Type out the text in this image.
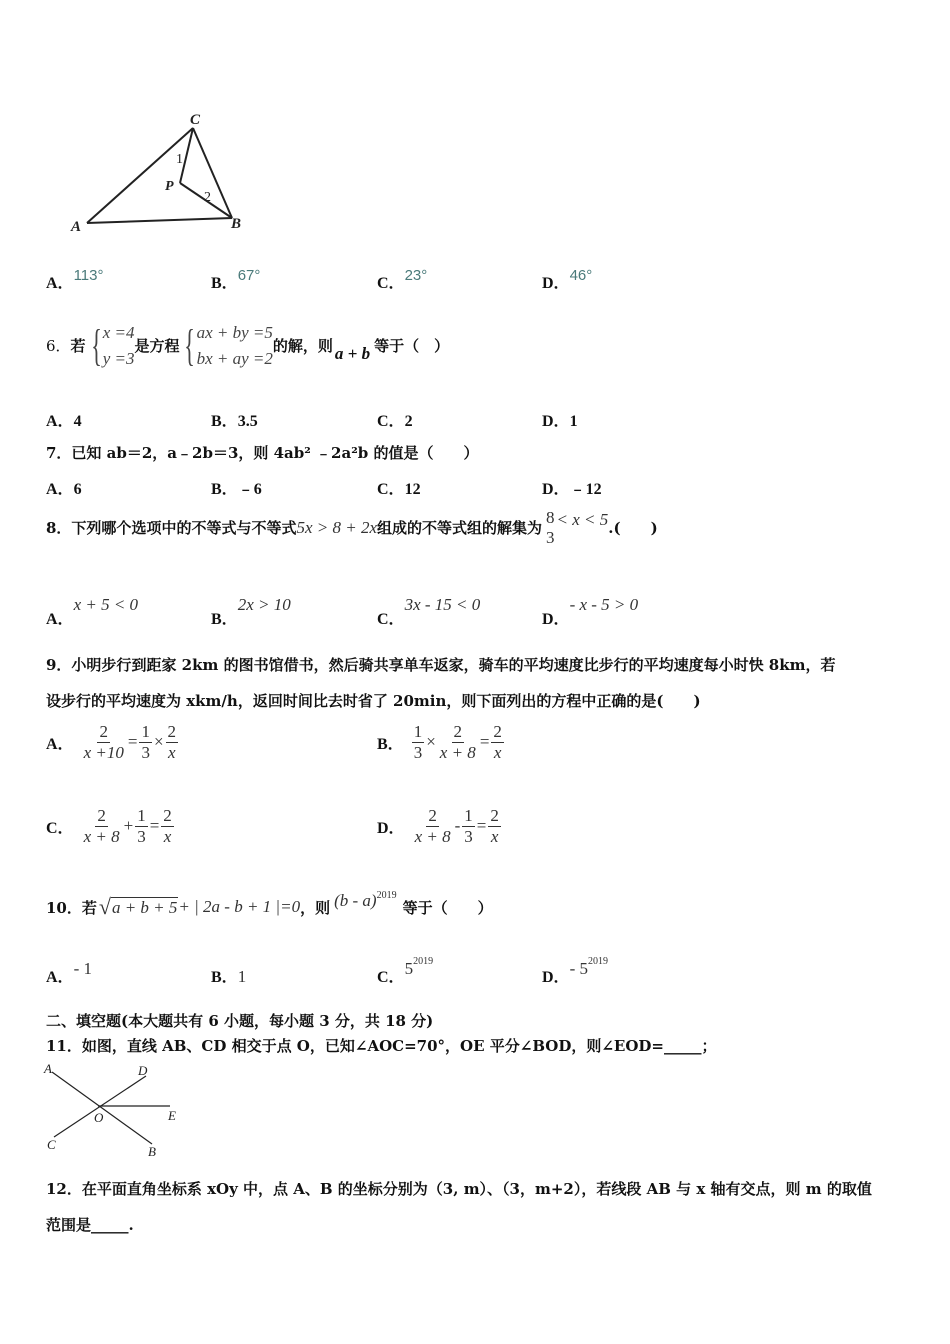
C
P
A	B
1
2
A．113°	B．67°	C．23°	D．46°
6． 若 { x =4
y =3
是方程 { ax + by =5
bx + ay =2
的解，则 a + b 等于（　）
A．4	B．3.5	C．2	D．1
7．已知 ab＝2，a﹣2b＝3，则 4ab² ﹣2a²b 的值是（　　）
A．6	B．﹣6	C．12	D．﹣12
8．下列哪个选项中的不等式与不等式 5x > 8 + 2x 组成的不等式组的解集为
8
3
< x < 5 .(　　)
A．x + 5 < 0
B．2x > 10
C．3x - 15 < 0
D．- x - 5 > 0
9．小明步行到距家 2km 的图书馆借书，然后骑共享单车返家，骑车的平均速度比步行的平均速度每小时快 8km，若
设步行的平均速度为 xkm/h，返回时间比去时省了 20min，则下面列出的方程中正确的是(　　)
A． $\frac{2}{x +10} = \frac{1}{3} \times \frac{2}{x}$	B． $\frac{1}{3} \times \frac{2}{x + 8} = \frac{2}{x}$
C． $\frac{2}{x + 8} + \frac{1}{3} = \frac{2}{x}$	D． $\frac{2}{x + 8} - \frac{1}{3} = \frac{2}{x}$
10．若 √ a + b + 5 + | 2a - b + 1 |=0 ，则 (b - a)$^{2019}$
等于（　　）
A．- 1	B．1	C．$5^{2019}$
D．- $5^{2019}$
二、填空题(本大题共有 6 小题，每小题 3 分，共 18 分)
11．如图，直线 AB、CD 相交于点 O，已知∠AOC=70°，OE 平分∠BOD，则∠EOD=_____；
A	D
O	E
C	B
12．在平面直角坐标系 xOy 中，点 A、B 的坐标分别为（3, m）、（3，m+2），若线段 AB 与 x 轴有交点，则 m 的取值
范围是_____.
